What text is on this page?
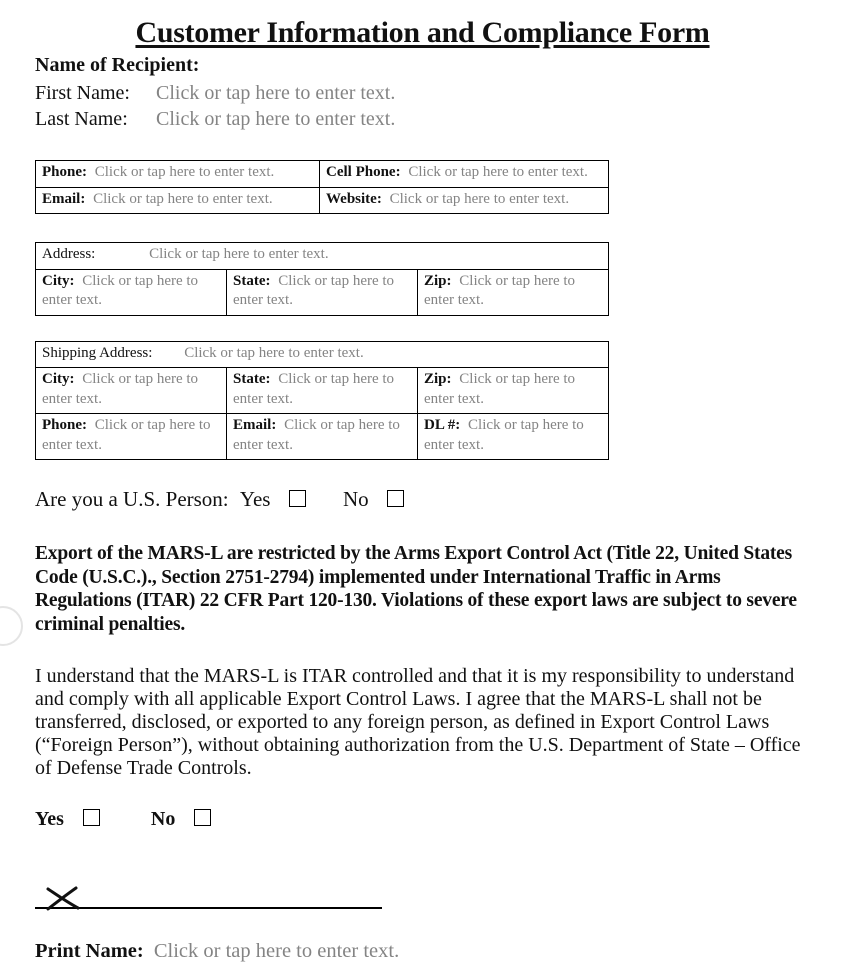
Customer Information and Compliance Form
Name of Recipient:
First Name: Click or tap here to enter text.
Last Name: Click or tap here to enter text.
Phone: Click or tap here to enter text.	Cell Phone: Click or tap here to enter text.
Email: Click or tap here to enter text.	Website: Click or tap here to enter text.
Address:	Click or tap here to enter text.
City: Click or tap here to enter text.	State: Click or tap here to enter text.	Zip: Click or tap here to enter text.
Shipping Address: Click or tap here to enter text.		
City: Click or tap here to enter text.	State: Click or tap here to enter text.	Zip: Click or tap here to enter text.
Phone: Click or tap here to enter text.	Email: Click or tap here to enter text.	DL #: Click or tap here to enter text.
Are you a U.S. Person: Yes	No

Export of the MARS-L are restricted by the Arms Export Control Act (Title 22, United States Code (U.S.C.)., Section 2751-2794) implemented under International Traffic in Arms Regulations (ITAR) 22 CFR Part 120-130. Violations of these export laws are subject to severe criminal penalties.

I understand that the MARS-L is ITAR controlled and that it is my responsibility to understand and comply with all applicable Export Control Laws. I agree that the MARS-L shall not be transferred, disclosed, or exported to any foreign person, as defined in Export Control Laws (“Foreign Person”), without obtaining authorization from the U.S. Department of State – Office of Defense Trade Controls.

Yes	No
Print Name: Click or tap here to enter text.
